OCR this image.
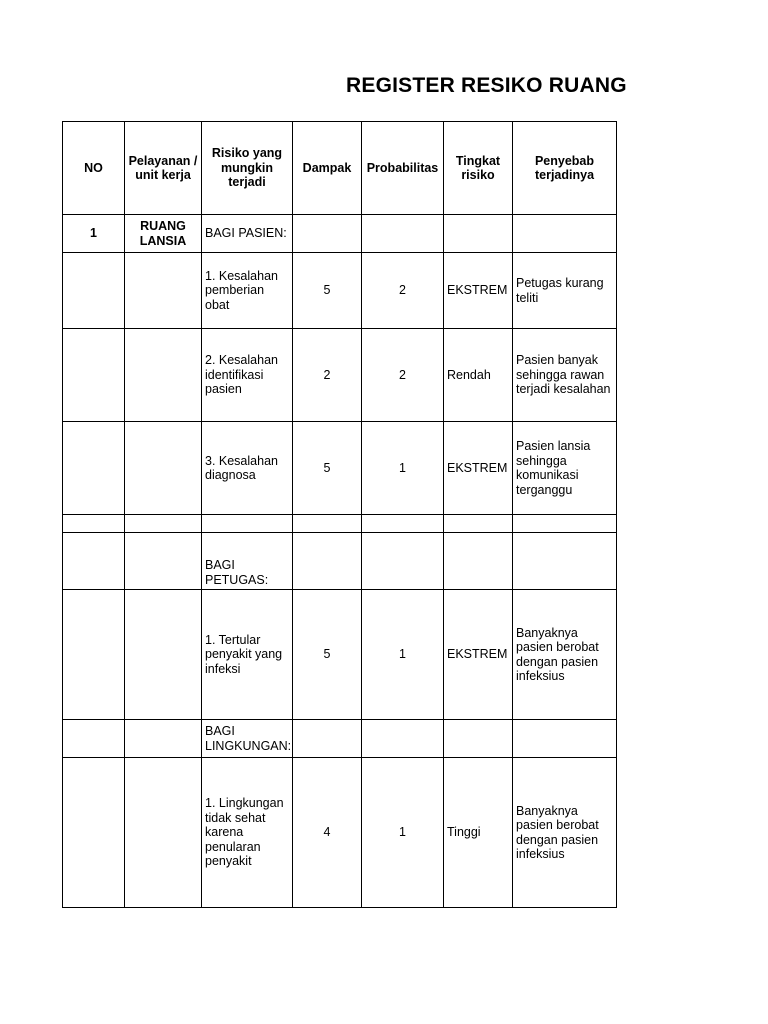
REGISTER RESIKO RUANG
NO	Pelayanan / unit kerja	Risiko yang mungkin terjadi	Dampak	Probabilitas	Tingkat risiko	Penyebab terjadinya
1	RUANG LANSIA	BAGI PASIEN:				
		1. Kesalahan pemberian obat	5	2	EKSTREM	Petugas kurang teliti
		2. Kesalahan identifikasi pasien	2	2	Rendah	Pasien banyak sehingga rawan terjadi kesalahan
		3. Kesalahan diagnosa	5	1	EKSTREM	Pasien lansia sehingga komunikasi terganggu

		BAGI PETUGAS:				
		1. Tertular penyakit yang infeksi	5	1	EKSTREM	Banyaknya pasien berobat dengan pasien infeksius
		BAGI LINGKUNGAN:				
		1. Lingkungan tidak sehat karena penularan penyakit	4	1	Tinggi	Banyaknya pasien berobat dengan pasien infeksius
